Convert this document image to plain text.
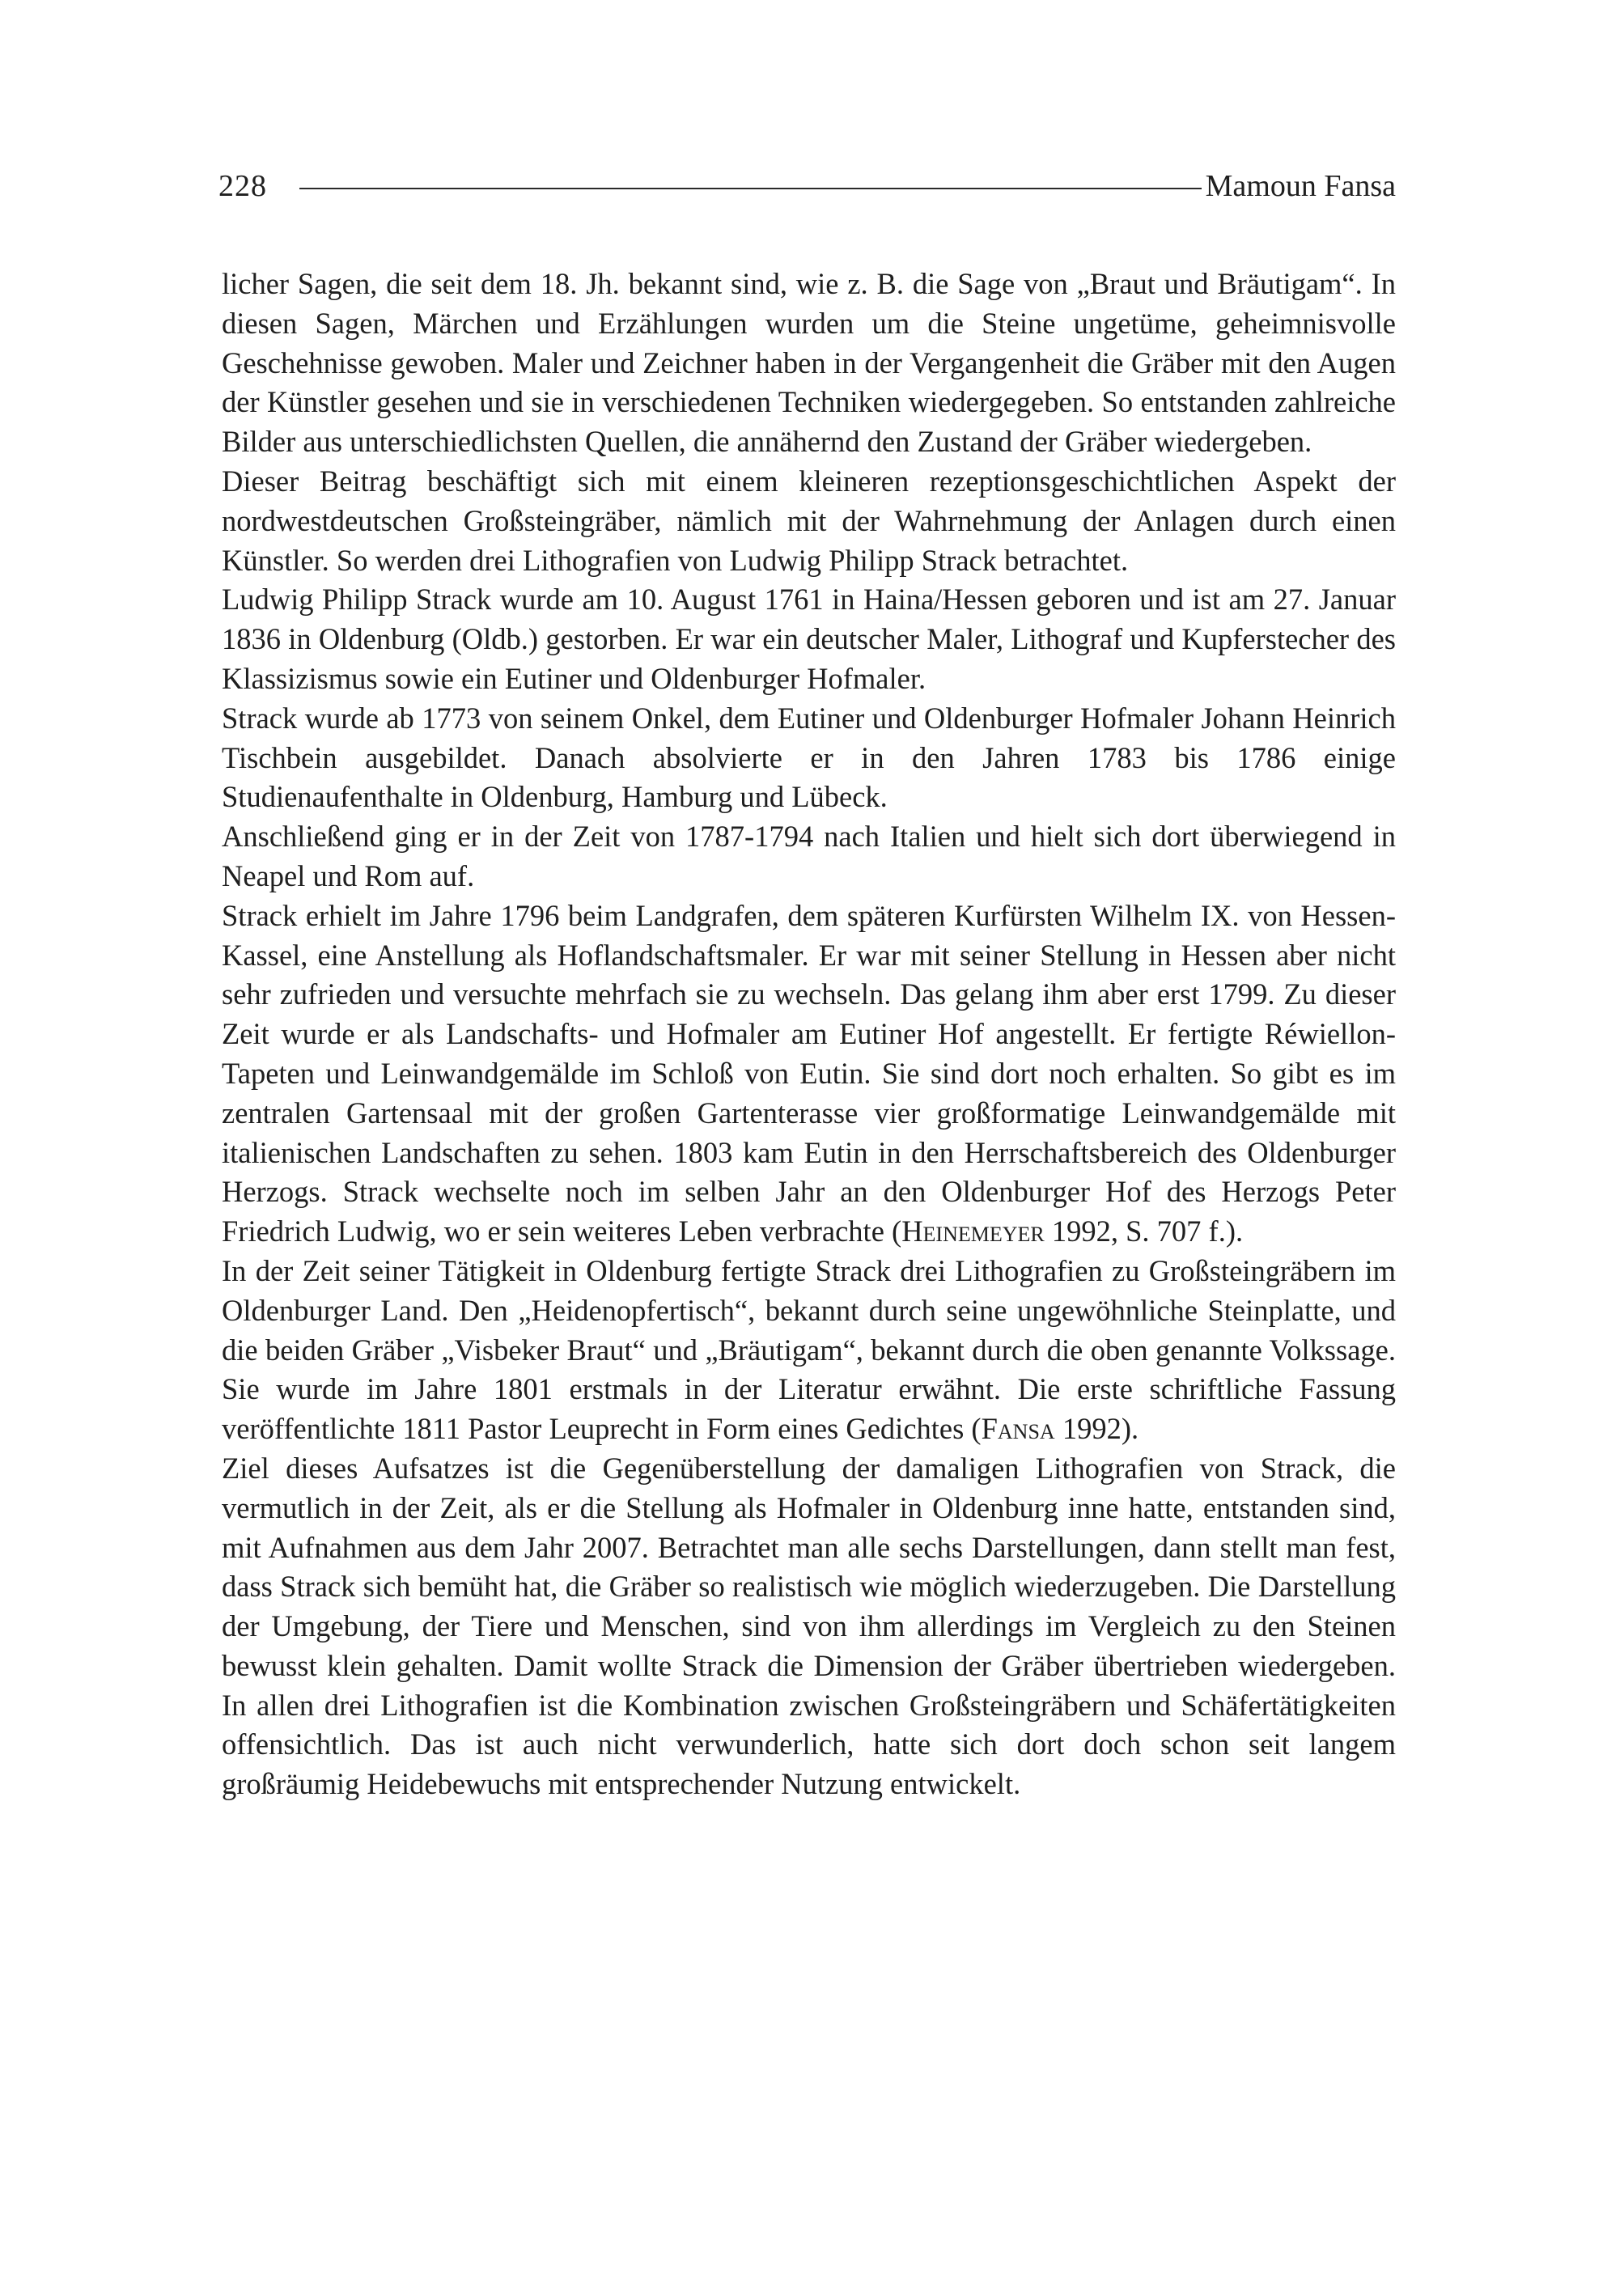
228	Mamoun Fansa

licher Sagen, die seit dem 18. Jh. bekannt sind, wie z. B. die Sage von „Braut und Bräutigam“. In diesen Sagen, Märchen und Erzählungen wurden um die Steine ungetüme, geheimnisvolle Geschehnisse gewoben. Maler und Zeichner haben in der Vergangenheit die Gräber mit den Augen der Künstler gesehen und sie in verschiedenen Techniken wiedergegeben. So entstanden zahlreiche Bilder aus unterschiedlichsten Quellen, die annähernd den Zustand der Gräber wiedergeben.

Dieser Beitrag beschäftigt sich mit einem kleineren rezeptionsgeschichtlichen Aspekt der nordwestdeutschen Großsteingräber, nämlich mit der Wahrnehmung der Anlagen durch einen Künstler. So werden drei Lithografien von Ludwig Philipp Strack betrachtet.

Ludwig Philipp Strack wurde am 10. August 1761 in Haina/Hessen geboren und ist am 27. Januar 1836 in Oldenburg (Oldb.) gestorben. Er war ein deutscher Maler, Lithograf und Kupferstecher des Klassizismus sowie ein Eutiner und Oldenburger Hofmaler.

Strack wurde ab 1773 von seinem Onkel, dem Eutiner und Oldenburger Hofmaler Johann Heinrich Tischbein ausgebildet. Danach absolvierte er in den Jahren 1783 bis 1786 einige Studienaufenthalte in Oldenburg, Hamburg und Lübeck.

Anschließend ging er in der Zeit von 1787-1794 nach Italien und hielt sich dort überwiegend in Neapel und Rom auf.

Strack erhielt im Jahre 1796 beim Landgrafen, dem späteren Kurfürsten Wilhelm IX. von Hessen-Kassel, eine Anstellung als Hoflandschaftsmaler. Er war mit seiner Stellung in Hessen aber nicht sehr zufrieden und versuchte mehrfach sie zu wechseln. Das gelang ihm aber erst 1799. Zu dieser Zeit wurde er als Landschafts- und Hofmaler am Eutiner Hof angestellt. Er fertigte Réwiellon-Tapeten und Leinwandgemälde im Schloß von Eutin. Sie sind dort noch erhalten. So gibt es im zentralen Gartensaal mit der großen Gartenterasse vier großformatige Leinwandgemälde mit italienischen Landschaften zu sehen. 1803 kam Eutin in den Herrschaftsbereich des Oldenburger Herzogs. Strack wechselte noch im selben Jahr an den Oldenburger Hof des Herzogs Peter Friedrich Ludwig, wo er sein weiteres Leben verbrachte (Heinemeyer 1992, S. 707 f.).

In der Zeit seiner Tätigkeit in Oldenburg fertigte Strack drei Lithografien zu Großsteingräbern im Oldenburger Land. Den „Heidenopfertisch“, bekannt durch seine ungewöhnliche Steinplatte, und die beiden Gräber „Visbeker Braut“ und „Bräutigam“, bekannt durch die oben genannte Volkssage. Sie wurde im Jahre 1801 erstmals in der Literatur erwähnt. Die erste schriftliche Fassung veröffentlichte 1811 Pastor Leuprecht in Form eines Gedichtes (Fansa 1992).

Ziel dieses Aufsatzes ist die Gegenüberstellung der damaligen Lithografien von Strack, die vermutlich in der Zeit, als er die Stellung als Hofmaler in Oldenburg inne hatte, entstanden sind, mit Aufnahmen aus dem Jahr 2007. Betrachtet man alle sechs Darstellungen, dann stellt man fest, dass Strack sich bemüht hat, die Gräber so realistisch wie möglich wiederzugeben. Die Darstellung der Umgebung, der Tiere und Menschen, sind von ihm allerdings im Vergleich zu den Steinen bewusst klein gehalten. Damit wollte Strack die Dimension der Gräber übertrieben wiedergeben. In allen drei Lithografien ist die Kombination zwischen Großsteingräbern und Schäfertätigkeiten offensichtlich. Das ist auch nicht verwunderlich, hatte sich dort doch schon seit langem großräumig Heidebewuchs mit entsprechender Nutzung entwickelt.
